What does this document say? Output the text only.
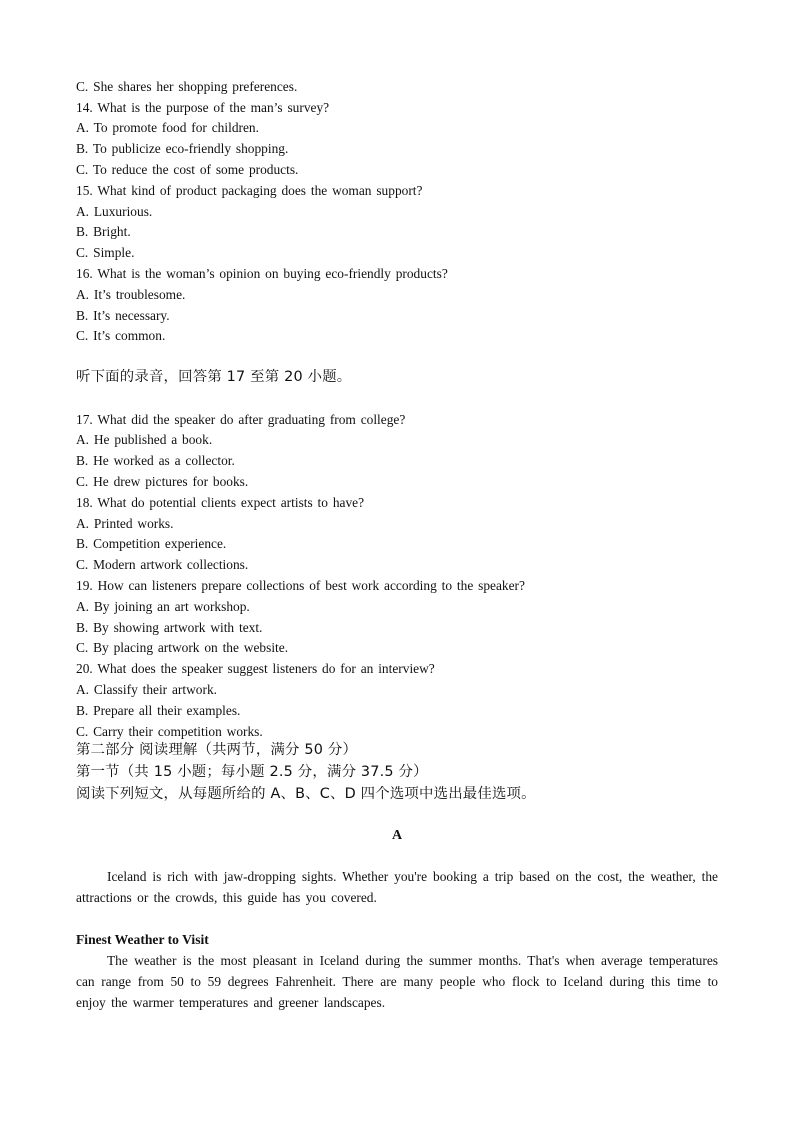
C. She shares her shopping preferences.
14. What is the purpose of the man’s survey?
A. To promote food for children.
B. To publicize eco-friendly shopping.
C. To reduce the cost of some products.
15. What kind of product packaging does the woman support?
A. Luxurious.
B. Bright.
C. Simple.
16. What is the woman’s opinion on buying eco-friendly products?
A. It’s troublesome.
B. It’s necessary.
C. It’s common.
听下面的录音，回答第 17 至第 20 小题。
17. What did the speaker do after graduating from college?
A. He published a book.
B. He worked as a collector.
C. He drew pictures for books.
18. What do potential clients expect artists to have?
A. Printed works.
B. Competition experience.
C. Modern artwork collections.
19. How can listeners prepare collections of best work according to the speaker?
A. By joining an art workshop.
B. By showing artwork with text.
C. By placing artwork on the website.
20. What does the speaker suggest listeners do for an interview?
A. Classify their artwork.
B. Prepare all their examples.
C. Carry their competition works.
第二部分 阅读理解（共两节，满分 50 分）
第一节（共 15 小题；每小题 2.5 分，满分 37.5 分）
阅读下列短文，从每题所给的 A、B、C、D 四个选项中选出最佳选项。
A
Iceland is rich with jaw-dropping sights. Whether you're booking a trip based on the cost, the weather, the attractions or the crowds, this guide has you covered.
Finest Weather to Visit
The weather is the most pleasant in Iceland during the summer months. That's when average temperatures can range from 50 to 59 degrees Fahrenheit. There are many people who flock to Iceland during this time to enjoy the warmer temperatures and greener landscapes.
